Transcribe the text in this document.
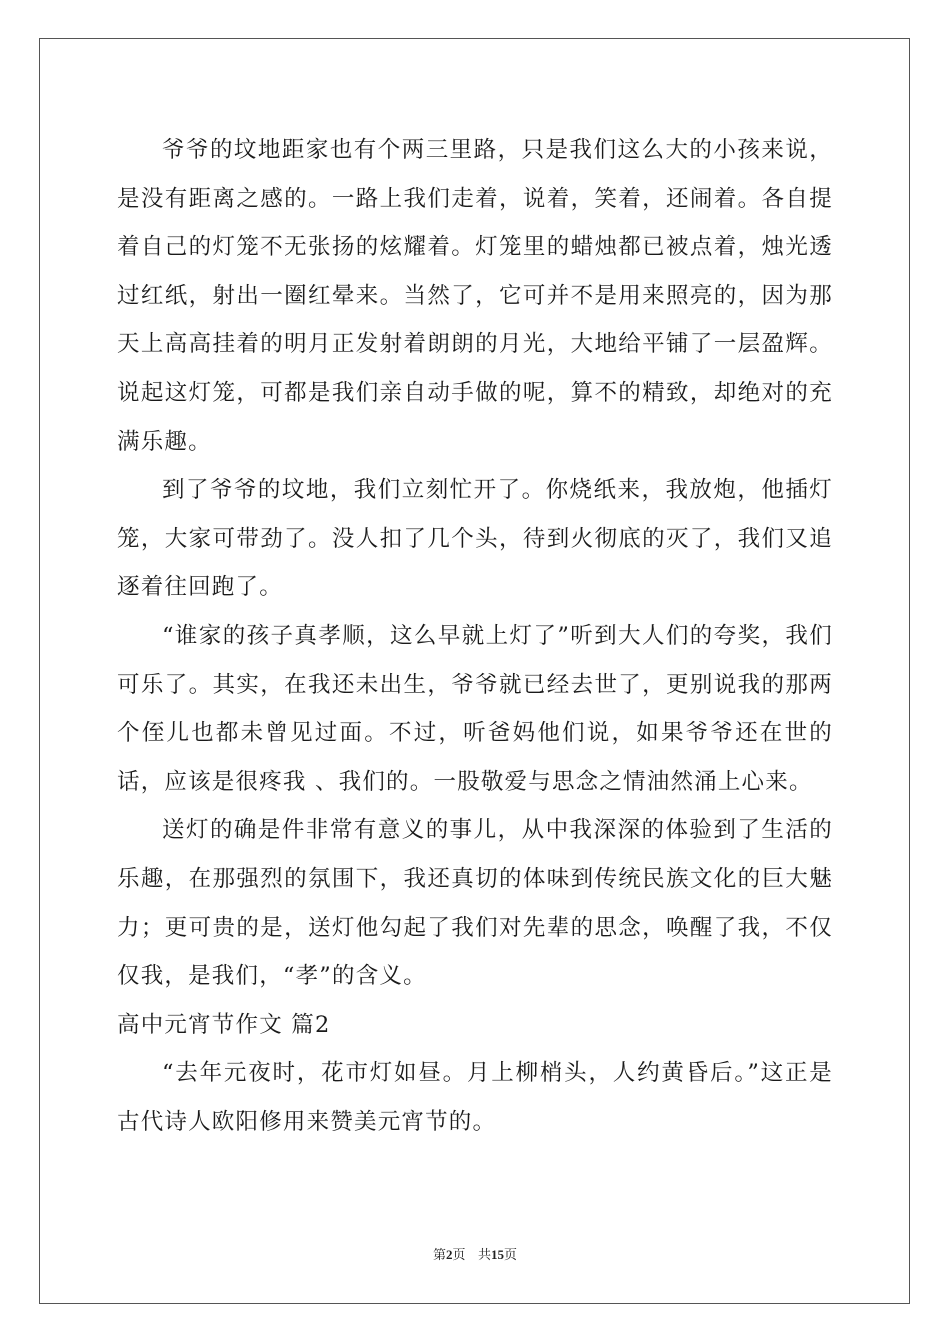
爷爷的坟地距家也有个两三里路，只是我们这么大的小孩来说，是没有距离之感的。一路上我们走着，说着，笑着，还闹着。各自提着自己的灯笼不无张扬的炫耀着。灯笼里的蜡烛都已被点着，烛光透过红纸，射出一圈红晕来。当然了，它可并不是用来照亮的，因为那天上高高挂着的明月正发射着朗朗的月光，大地给平铺了一层盈辉。说起这灯笼，可都是我们亲自动手做的呢，算不的精致，却绝对的充满乐趣。

到了爷爷的坟地，我们立刻忙开了。你烧纸来，我放炮，他插灯笼，大家可带劲了。没人扣了几个头，待到火彻底的灭了，我们又追逐着往回跑了。

“谁家的孩子真孝顺，这么早就上灯了”听到大人们的夸奖，我们可乐了。其实，在我还未出生，爷爷就已经去世了，更别说我的那两个侄儿也都未曾见过面。不过，听爸妈他们说，如果爷爷还在世的话，应该是很疼我 、我们的。一股敬爱与思念之情油然涌上心来。

送灯的确是件非常有意义的事儿，从中我深深的体验到了生活的乐趣，在那强烈的氛围下，我还真切的体味到传统民族文化的巨大魅力；更可贵的是，送灯他勾起了我们对先辈的思念，唤醒了我，不仅仅我，是我们，“孝”的含义。

高中元宵节作文 篇2

“去年元夜时，花市灯如昼。月上柳梢头，人约黄昏后。”这正是古代诗人欧阳修用来赞美元宵节的。

第2页 共15页
